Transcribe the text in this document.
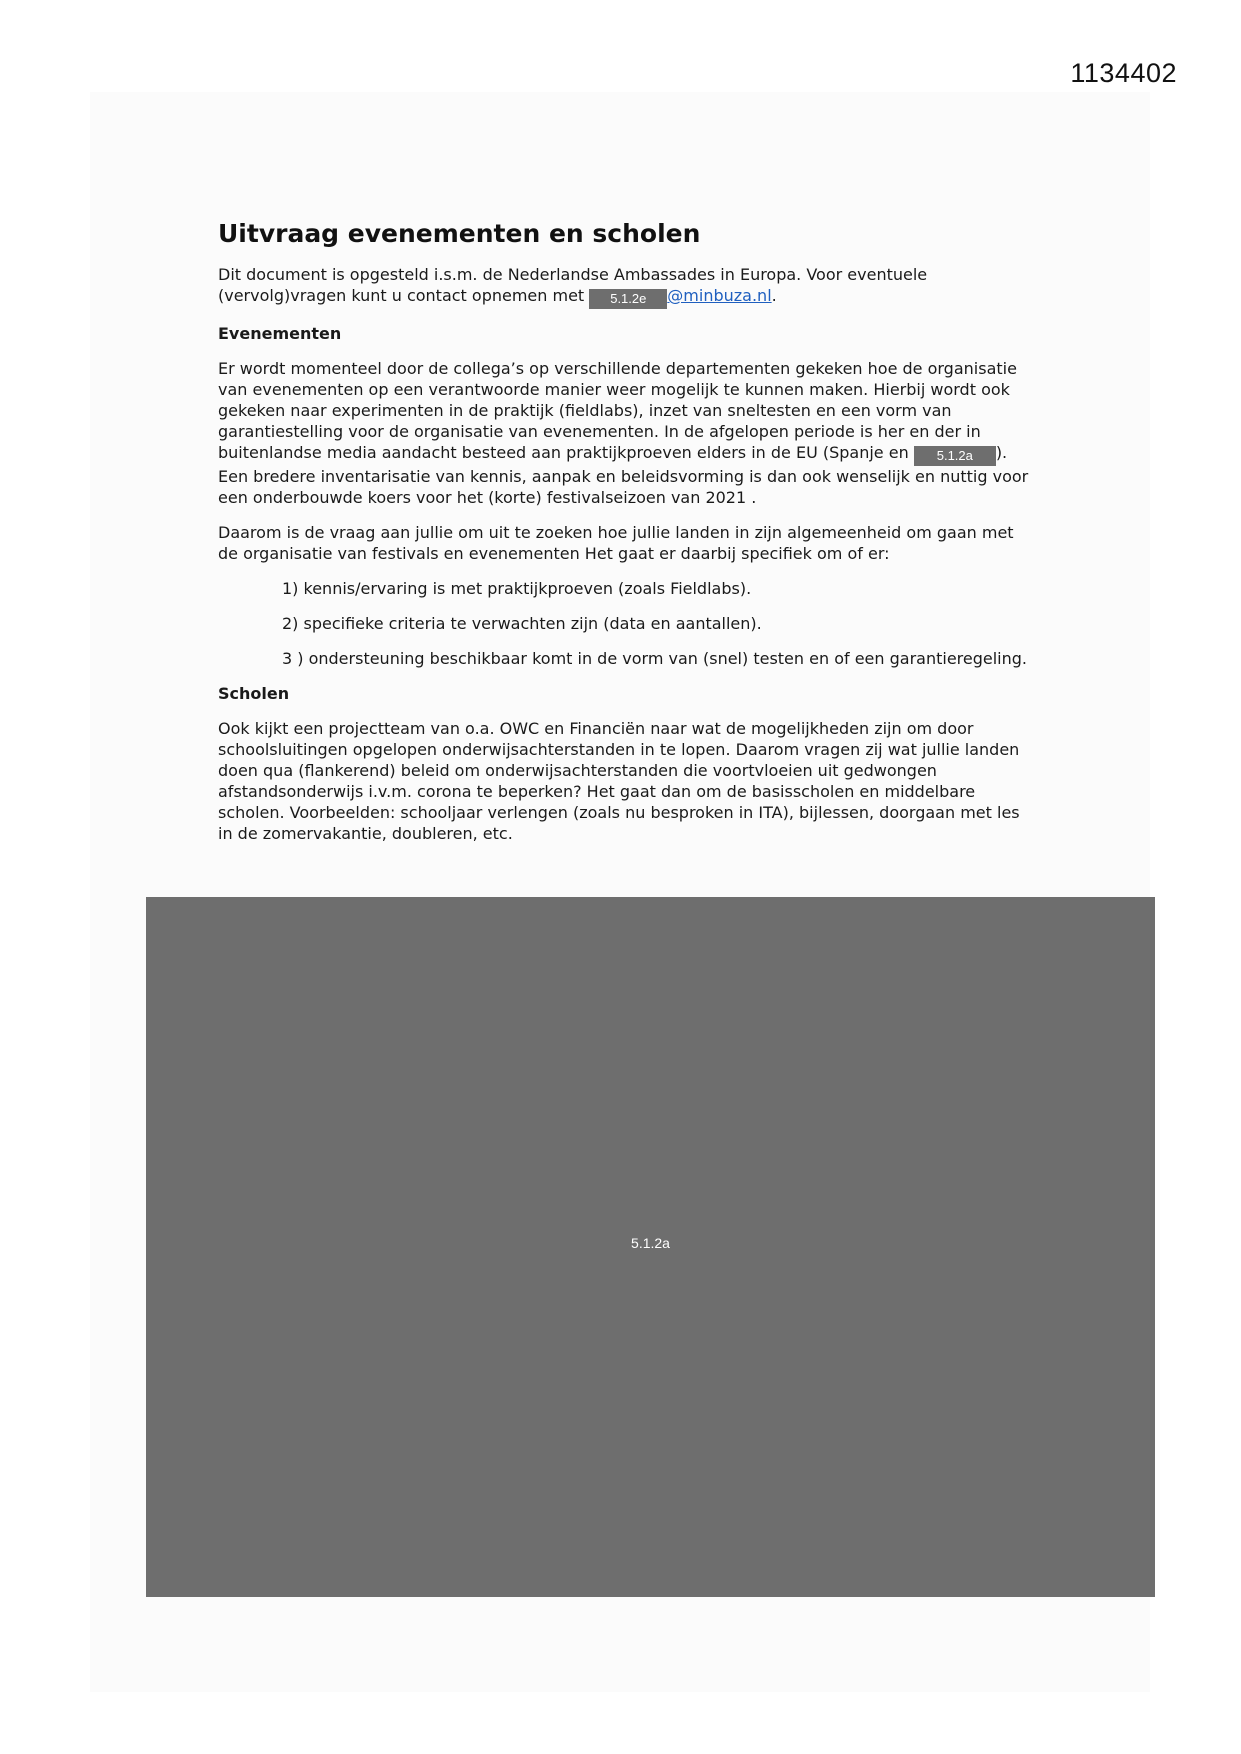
1134402
Uitvraag evenementen en scholen

Dit document is opgesteld i.s.m. de Nederlandse Ambassades in Europa. Voor eventuele (vervolg)vragen kunt u contact opnemen met 5.1.2e @minbuza.nl.

Evenementen

Er wordt momenteel door de collega’s op verschillende departementen gekeken hoe de organisatie van evenementen op een verantwoorde manier weer mogelijk te kunnen maken. Hierbij wordt ook gekeken naar experimenten in de praktijk (fieldlabs), inzet van sneltesten en een vorm van garantiestelling voor de organisatie van evenementen. In de afgelopen periode is her en der in buitenlandse media aandacht besteed aan praktijkproeven elders in de EU (Spanje en 5.1.2a ). Een bredere inventarisatie van kennis, aanpak en beleidsvorming is dan ook wenselijk en nuttig voor een onderbouwde koers voor het (korte) festivalseizoen van 2021 .

Daarom is de vraag aan jullie om uit te zoeken hoe jullie landen in zijn algemeenheid om gaan met de organisatie van festivals en evenementen Het gaat er daarbij specifiek om of er:

1) kennis/ervaring is met praktijkproeven (zoals Fieldlabs).
2) specifieke criteria te verwachten zijn (data en aantallen).
3 ) ondersteuning beschikbaar komt in de vorm van (snel) testen en of een garantieregeling.
Scholen

Ook kijkt een projectteam van o.a. OWC en Financiën naar wat de mogelijkheden zijn om door schoolsluitingen opgelopen onderwijsachterstanden in te lopen. Daarom vragen zij wat jullie landen doen qua (flankerend) beleid om onderwijsachterstanden die voortvloeien uit gedwongen afstandsonderwijs i.v.m. corona te beperken? Het gaat dan om de basisscholen en middelbare scholen. Voorbeelden: schooljaar verlengen (zoals nu besproken in ITA), bijlessen, doorgaan met les in de zomervakantie, doubleren, etc.

5.1.2a
